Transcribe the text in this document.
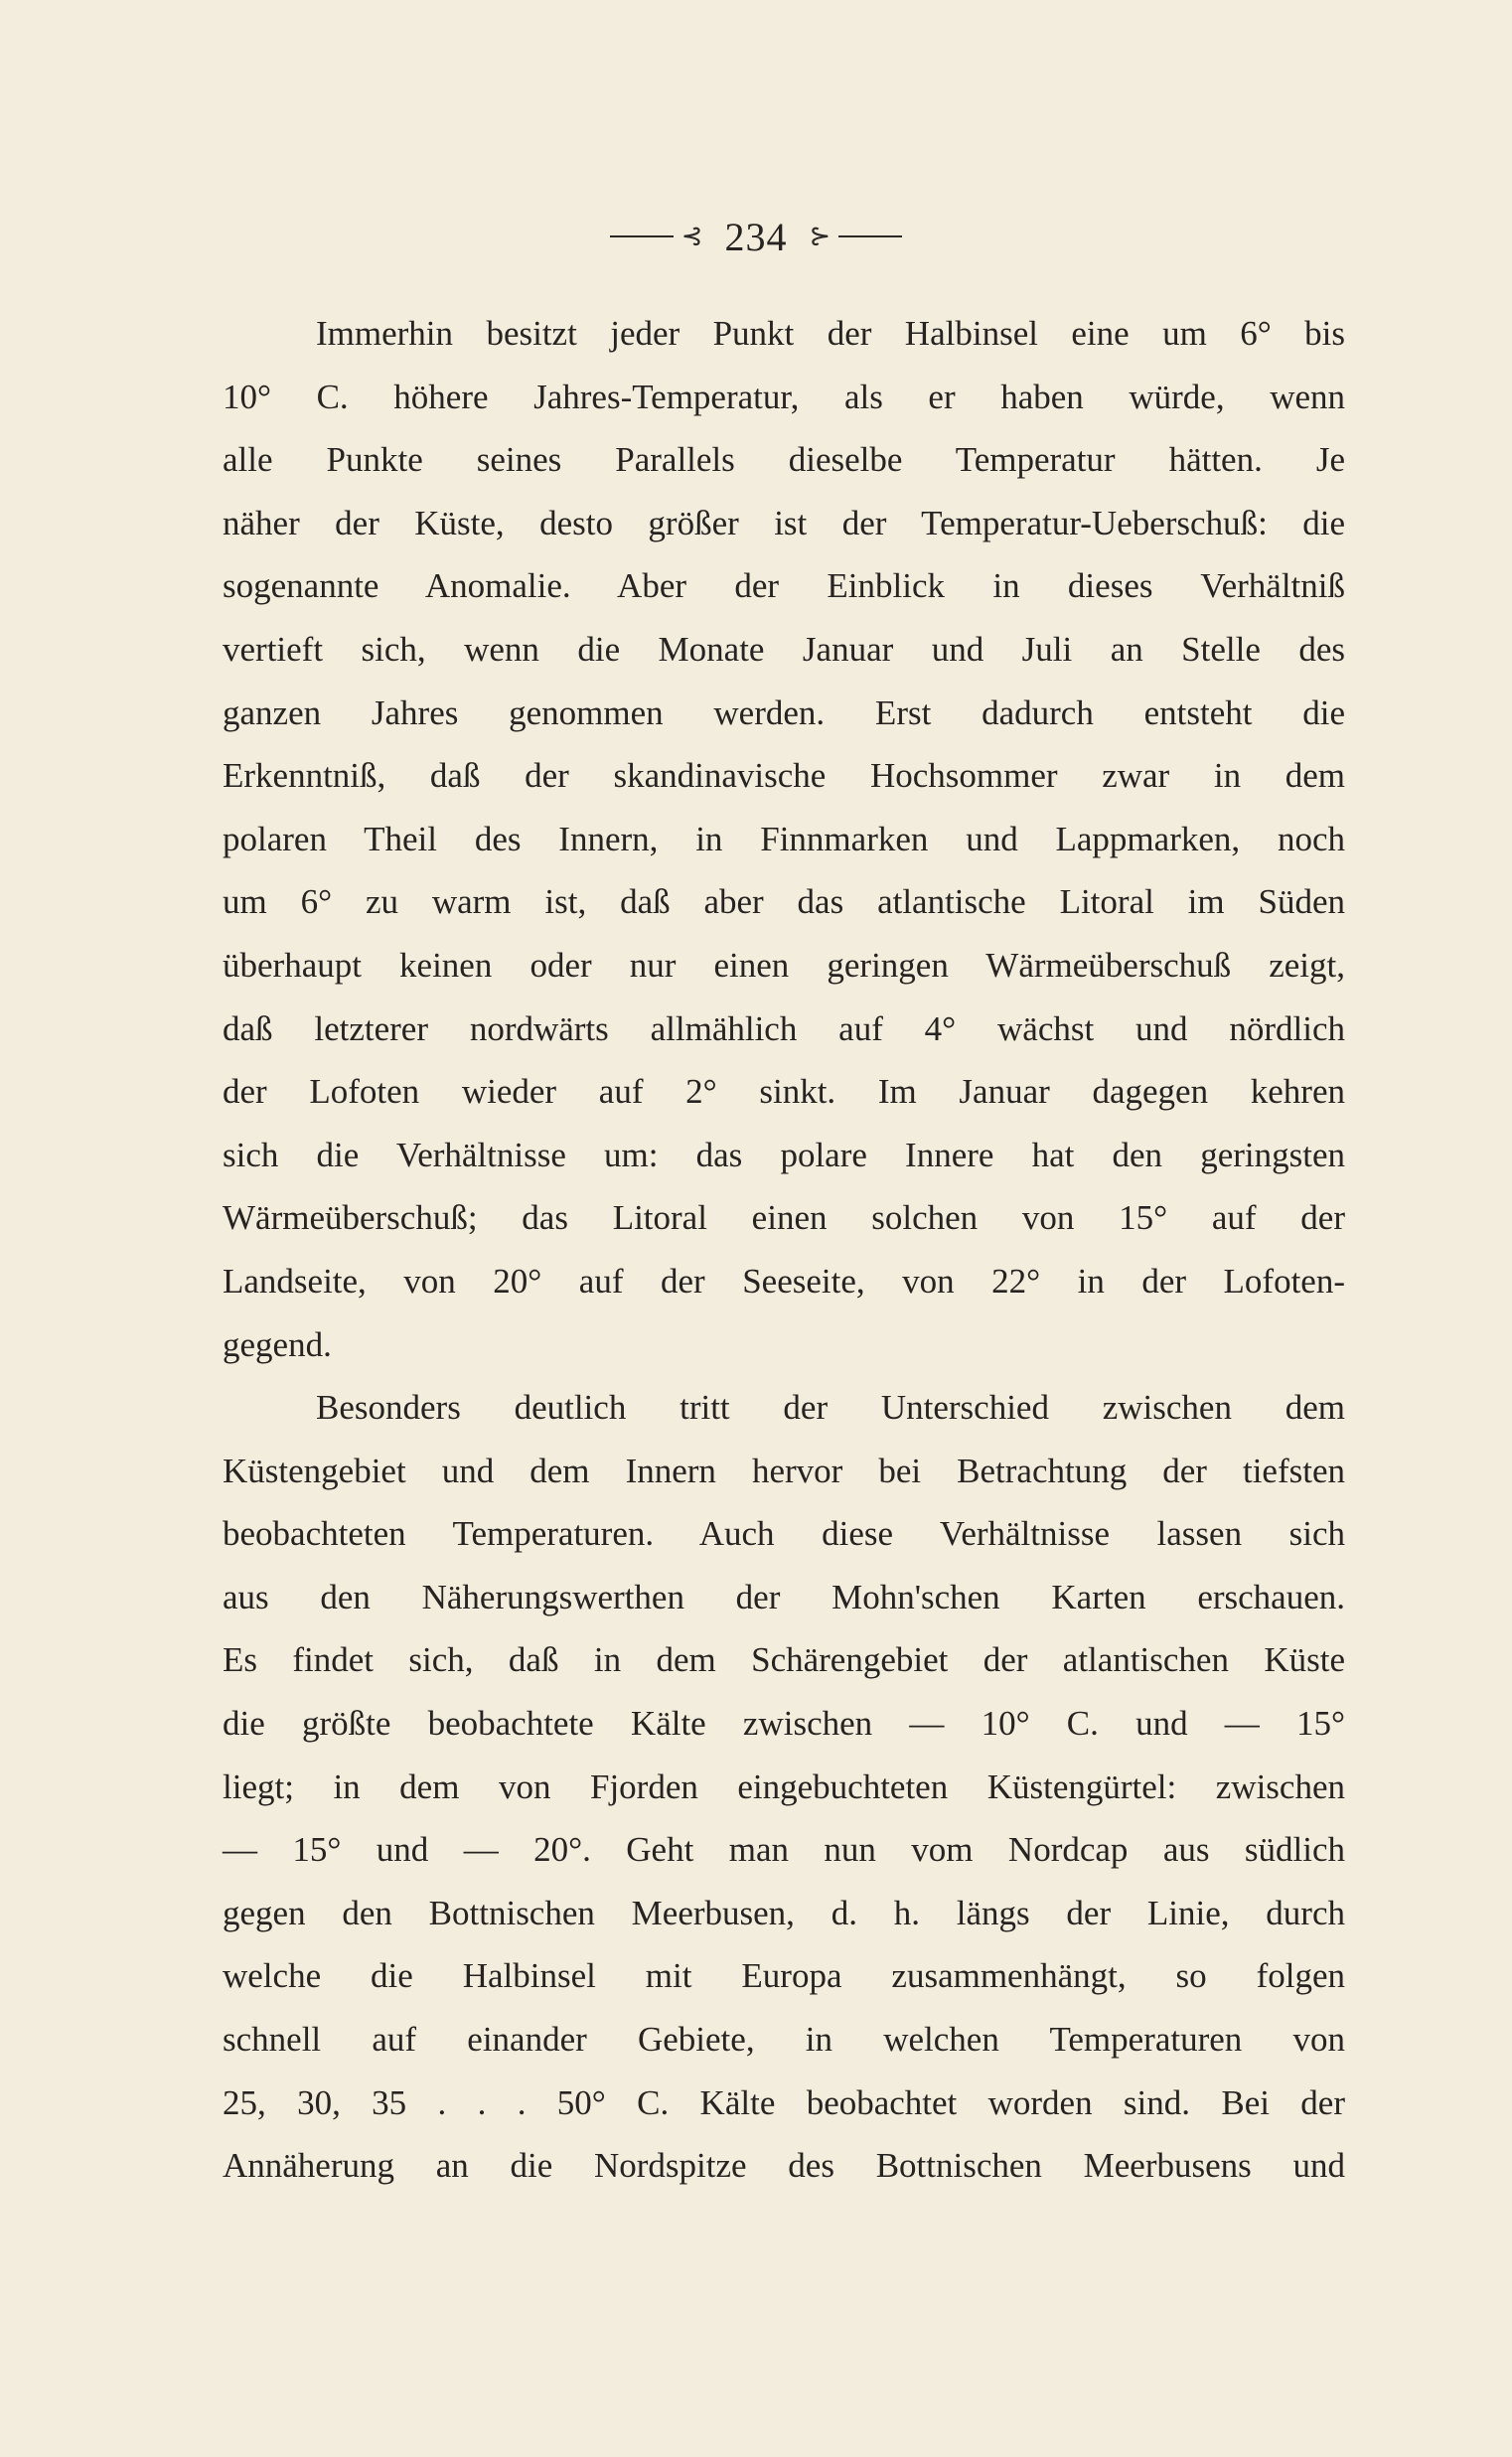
⊰ 234 ⊱
Immerhin besitzt jeder Punkt der Halbinsel eine um 6° bis
10° C. höhere Jahres-Temperatur, als er haben würde, wenn
alle Punkte seines Parallels dieselbe Temperatur hätten. Je
näher der Küste, desto größer ist der Temperatur-Ueberschuß: die
sogenannte Anomalie. Aber der Einblick in dieses Verhältniß
vertieft sich, wenn die Monate Januar und Juli an Stelle des
ganzen Jahres genommen werden. Erst dadurch entsteht die
Erkenntniß, daß der skandinavische Hochsommer zwar in dem
polaren Theil des Innern, in Finnmarken und Lappmarken, noch
um 6° zu warm ist, daß aber das atlantische Litoral im Süden
überhaupt keinen oder nur einen geringen Wärmeüberschuß zeigt,
daß letzterer nordwärts allmählich auf 4° wächst und nördlich
der Lofoten wieder auf 2° sinkt. Im Januar dagegen kehren
sich die Verhältnisse um: das polare Innere hat den geringsten
Wärmeüberschuß; das Litoral einen solchen von 15° auf der
Landseite, von 20° auf der Seeseite, von 22° in der Lofoten-
gegend.
Besonders deutlich tritt der Unterschied zwischen dem
Küstengebiet und dem Innern hervor bei Betrachtung der tiefsten
beobachteten Temperaturen. Auch diese Verhältnisse lassen sich
aus den Näherungswerthen der Mohn'schen Karten erschauen.
Es findet sich, daß in dem Schärengebiet der atlantischen Küste
die größte beobachtete Kälte zwischen — 10° C. und — 15°
liegt; in dem von Fjorden eingebuchteten Küstengürtel: zwischen
— 15° und — 20°. Geht man nun vom Nordcap aus südlich
gegen den Bottnischen Meerbusen, d. h. längs der Linie, durch
welche die Halbinsel mit Europa zusammenhängt, so folgen
schnell auf einander Gebiete, in welchen Temperaturen von
25, 30, 35 . . . 50° C. Kälte beobachtet worden sind. Bei der
Annäherung an die Nordspitze des Bottnischen Meerbusens und
